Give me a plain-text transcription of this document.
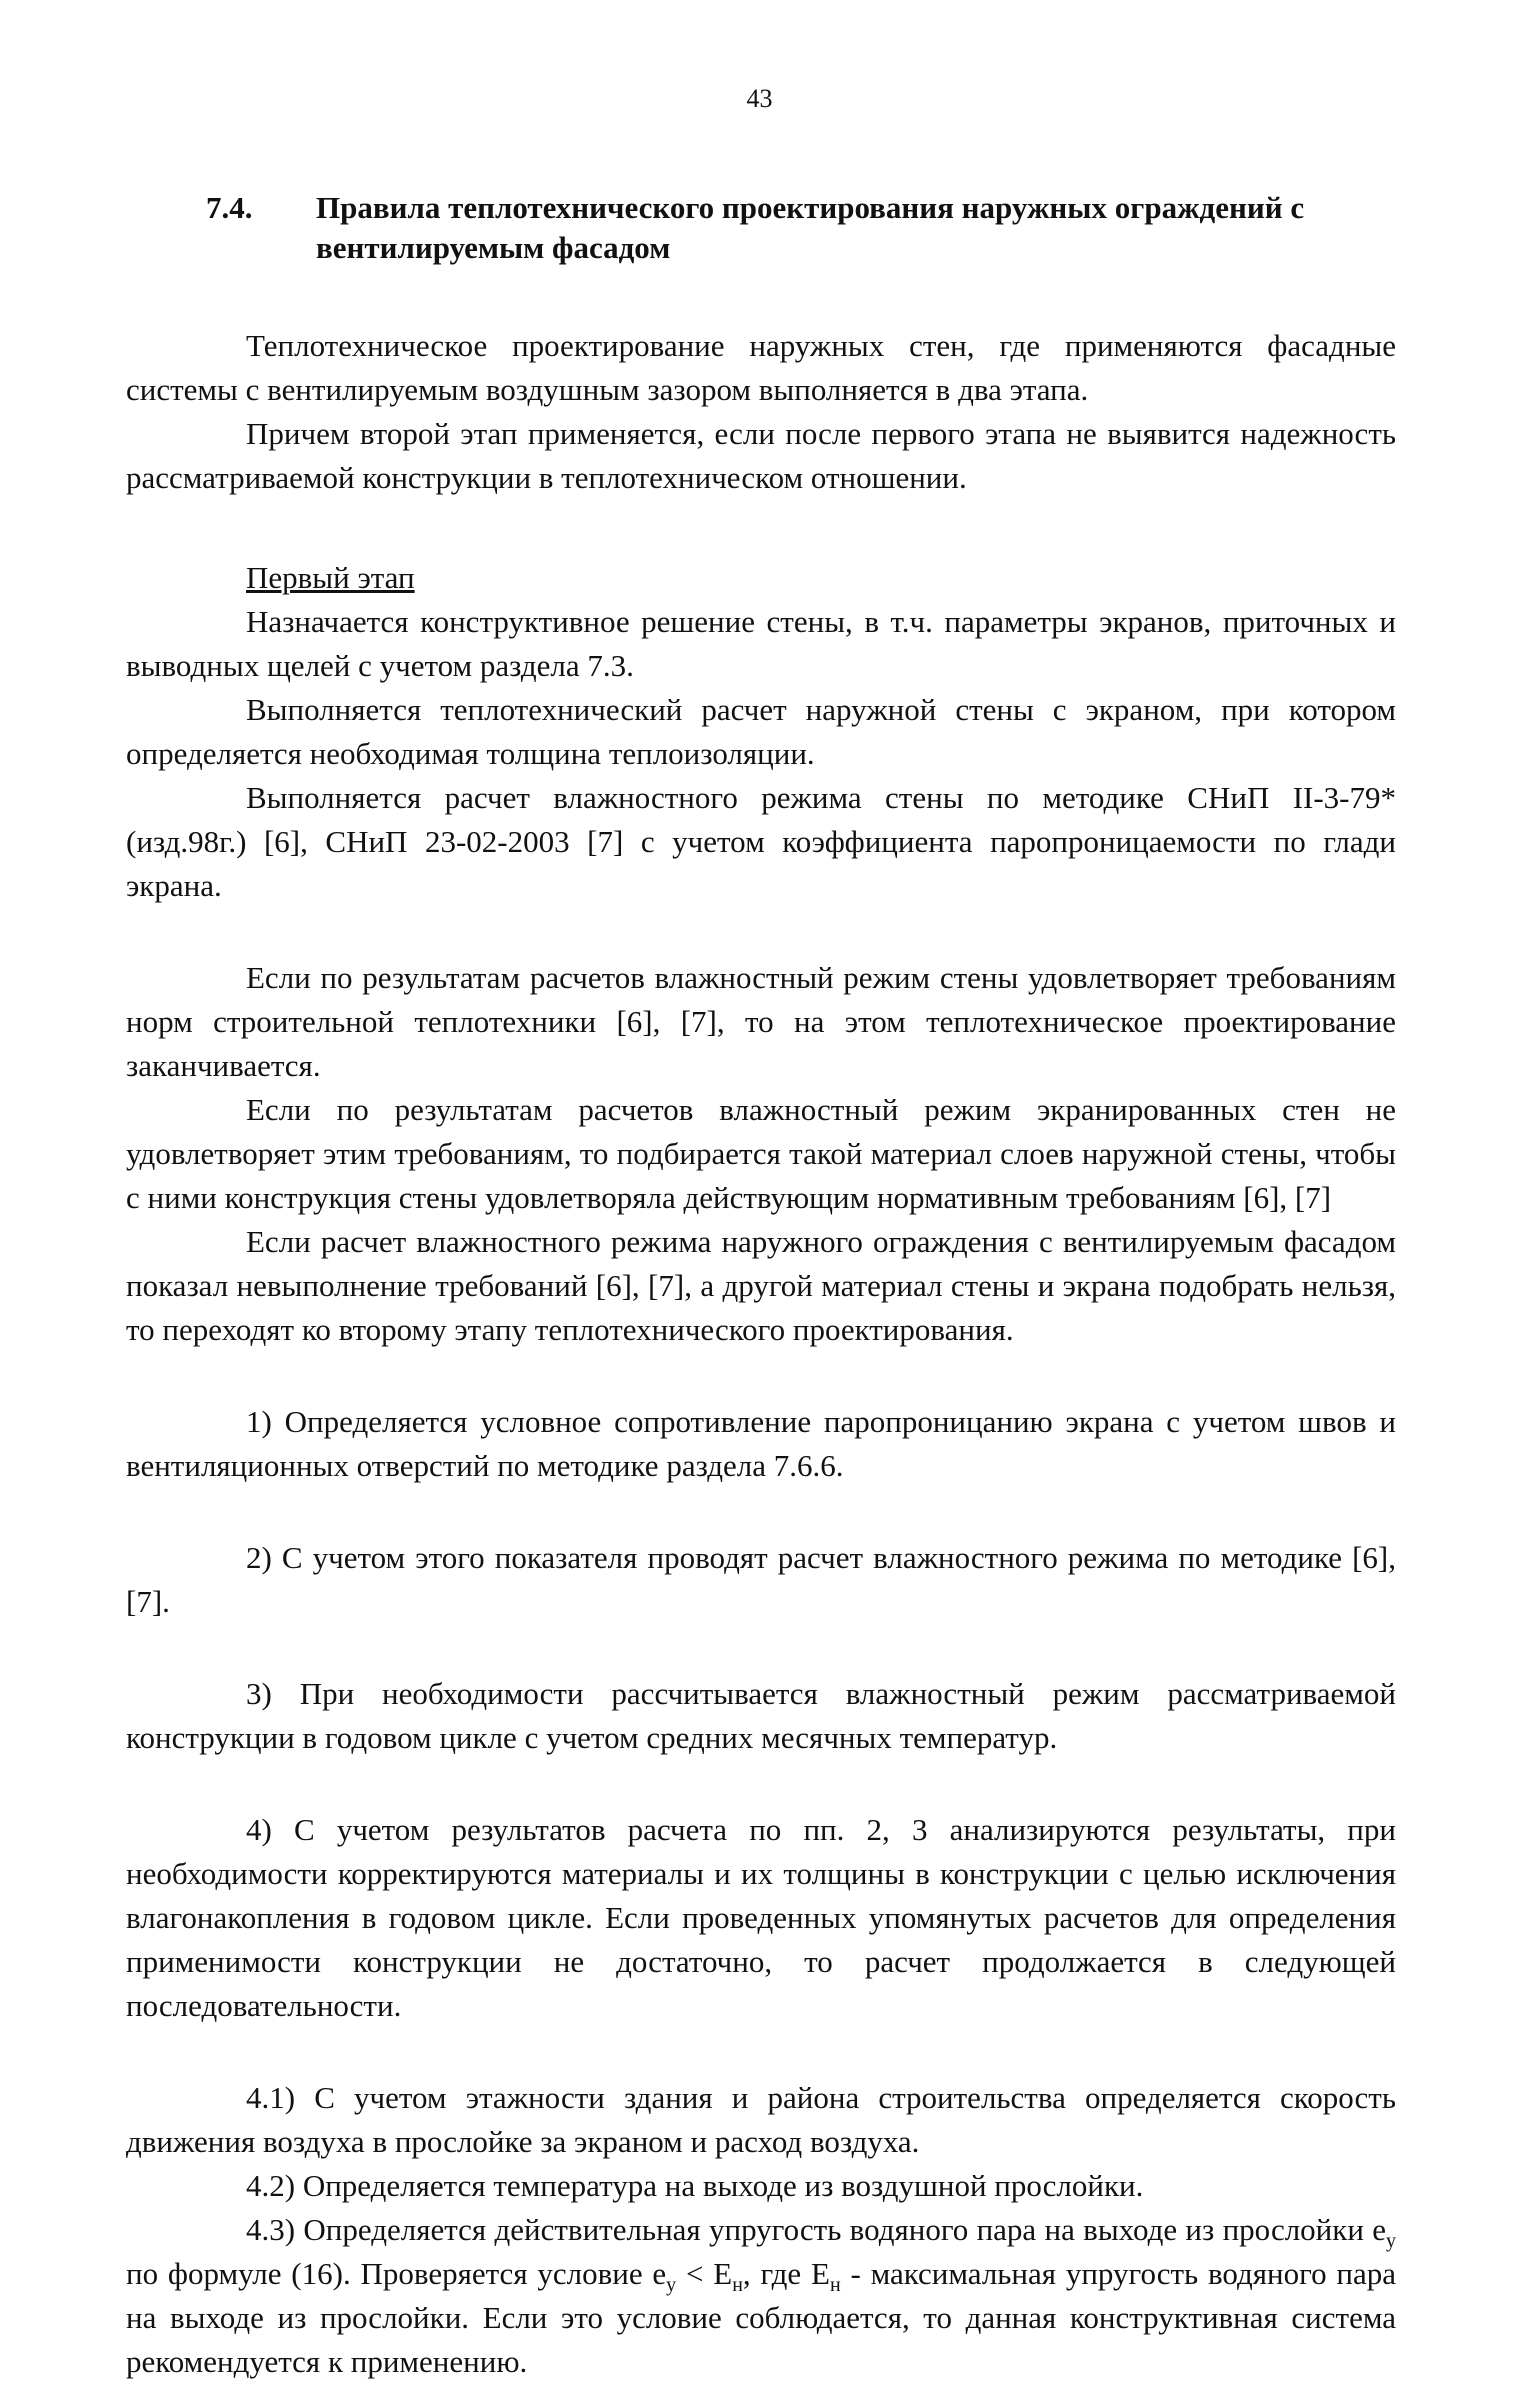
43
7.4.	Правила теплотехнического проектирования наружных ограждений с вентилируемым фасадом

Теплотехническое проектирование наружных стен, где применяются фасадные системы с вентилируемым воздушным зазором выполняется в два этапа.

Причем второй этап применяется, если после первого этапа не выявится надежность рассматриваемой конструкции в теплотехническом отношении.

Первый этап

Назначается конструктивное решение стены, в т.ч. параметры экранов, приточных и выводных щелей с учетом раздела 7.3.

Выполняется теплотехнический расчет наружной стены с экраном, при котором определяется необходимая толщина теплоизоляции.

Выполняется расчет влажностного режима стены по методике СНиП II-3-79* (изд.98г.) [6], СНиП 23-02-2003 [7] с учетом коэффициента паропроницаемости по глади экрана.

Если по результатам расчетов влажностный режим стены удовлетворяет требованиям норм строительной теплотехники [6], [7], то на этом теплотехническое проектирование заканчивается.

Если по результатам расчетов влажностный режим экранированных стен не удовлетворяет этим требованиям, то подбирается такой материал слоев наружной стены, чтобы с ними конструкция стены удовлетворяла действующим нормативным требованиям [6], [7]

Если расчет влажностного режима наружного ограждения с вентилируемым фасадом показал невыполнение требований [6], [7], а другой материал стены и экрана подобрать нельзя, то переходят ко второму этапу теплотехнического проектирования.

1) Определяется условное сопротивление паропроницанию экрана с учетом швов и вентиляционных отверстий по методике раздела 7.6.6.

2) С учетом этого показателя проводят расчет влажностного режима по методике [6], [7].

3) При необходимости рассчитывается влажностный режим рассматриваемой конструкции в годовом цикле с учетом средних месячных температур.

4) С учетом результатов расчета по пп. 2, 3 анализируются результаты, при необходимости корректируются материалы и их толщины в конструкции с целью исключения влагонакопления в годовом цикле. Если проведенных упомянутых расчетов для определения применимости конструкции не достаточно, то расчет продолжается в следующей последовательности.

4.1) С учетом этажности здания и района строительства определяется скорость движения воздуха в прослойке за экраном и расход воздуха.

4.2) Определяется температура на выходе из воздушной прослойки.

4.3) Определяется действительная упругость водяного пара на выходе из прослойки $e_у$ по формуле (16). Проверяется условие $e_у < E_н$, где $E_н$ - максимальная упругость водяного пара на выходе из прослойки. Если это условие соблюдается, то данная конструктивная система рекомендуется к применению.
